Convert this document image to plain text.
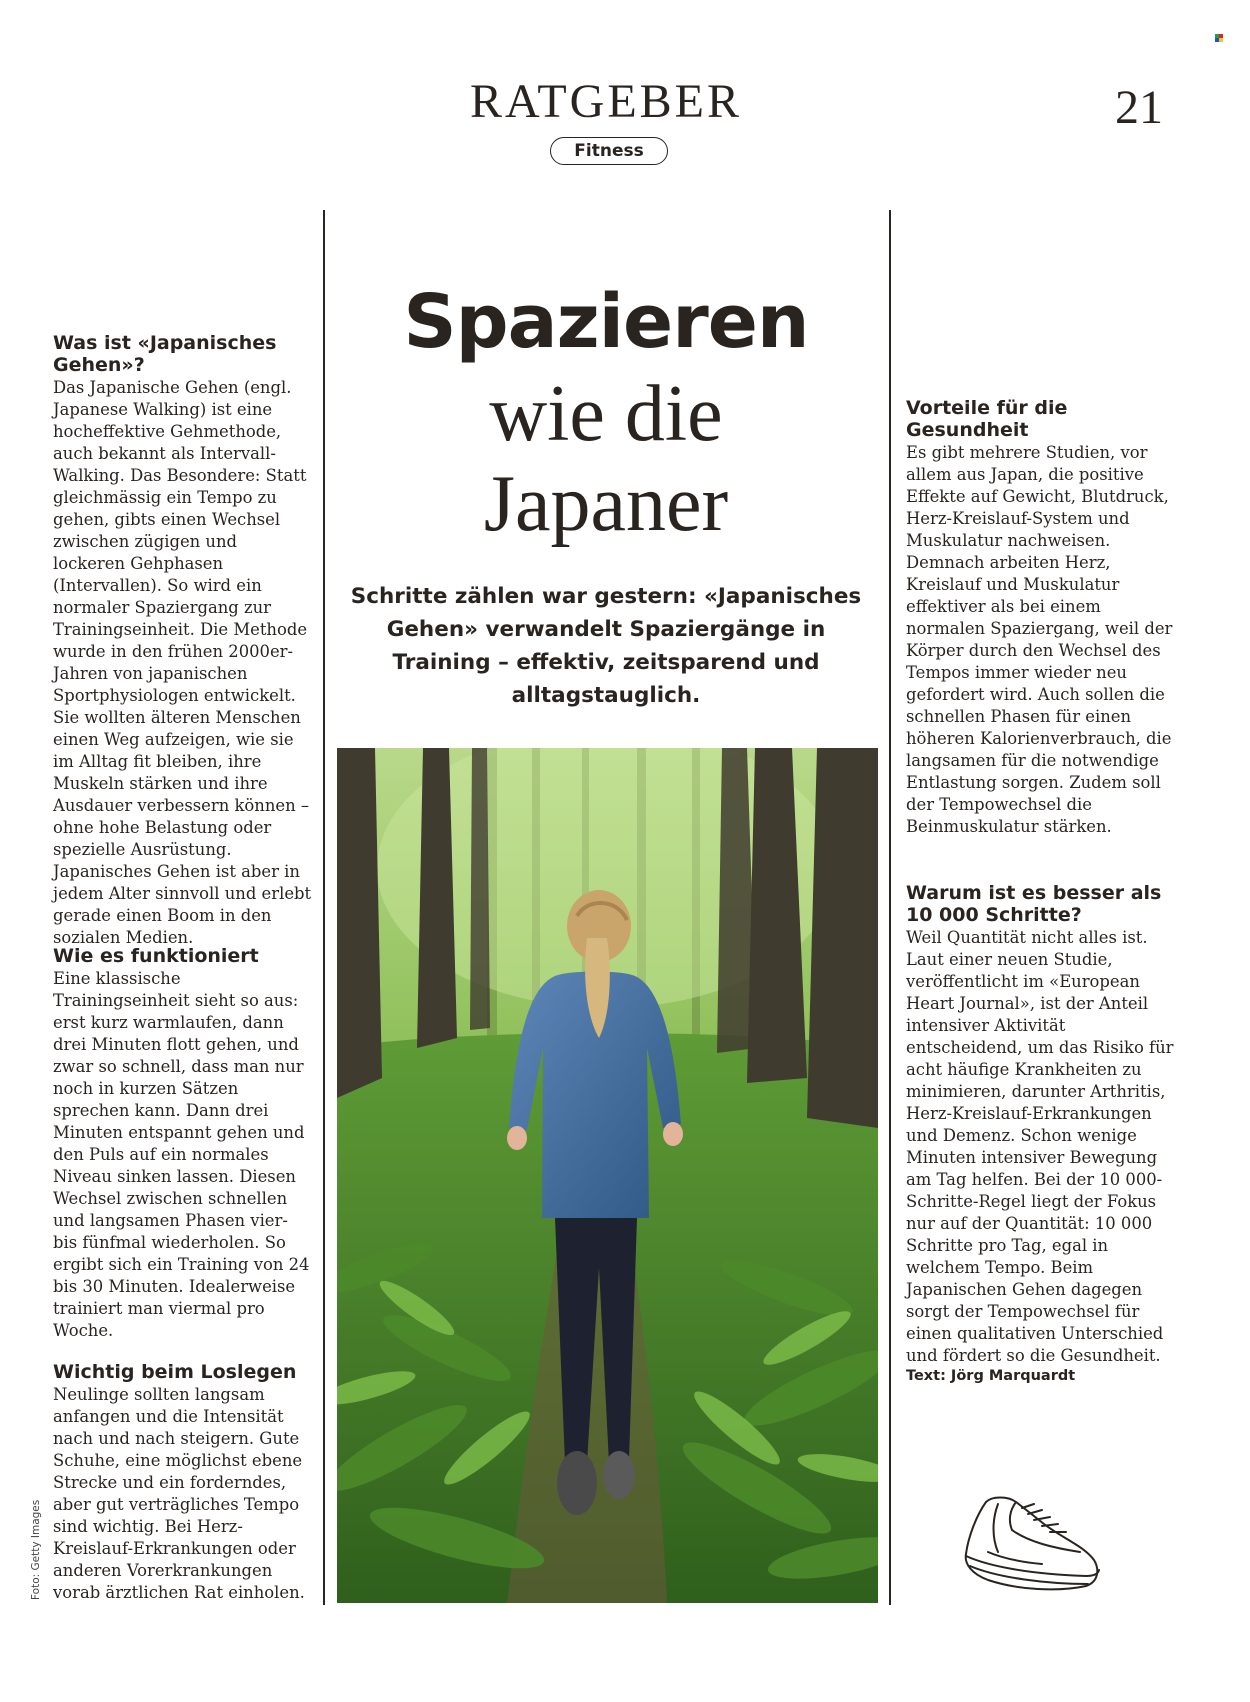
RATGEBER
Fitness
21
Was ist «Japanisches Gehen»?

Das Japanische Gehen (engl. Japanese Walking) ist eine hocheffektive Gehmethode, auch bekannt als Intervall-Walking. Das Besondere: Statt gleichmässig ein Tempo zu gehen, gibts einen Wechsel zwischen zügigen und lockeren Gehphasen (Intervallen). So wird ein normaler Spaziergang zur Trainingseinheit. Die Methode wurde in den frühen 2000er-Jahren von japanischen Sportphysiologen entwickelt. Sie wollten älteren Menschen einen Weg aufzeigen, wie sie im Alltag fit bleiben, ihre Muskeln stärken und ihre Ausdauer verbessern können – ohne hohe Belastung oder spezielle Ausrüstung. Japanisches Gehen ist aber in jedem Alter sinnvoll und erlebt gerade einen Boom in den sozialen Medien.

Wie es funktioniert

Eine klassische Trainingseinheit sieht so aus: erst kurz warmlaufen, dann drei Minuten flott gehen, und zwar so schnell, dass man nur noch in kurzen Sätzen sprechen kann. Dann drei Minuten entspannt gehen und den Puls auf ein normales Niveau sinken lassen. Diesen Wechsel zwischen schnellen und langsamen Phasen vier- bis fünfmal wiederholen. So ergibt sich ein Training von 24 bis 30 Minuten. Idealerweise trainiert man viermal pro Woche.

Wichtig beim Loslegen

Neulinge sollten langsam anfangen und die Intensität nach und nach steigern. Gute Schuhe, eine möglichst ebene Strecke und ein forderndes, aber gut verträgliches Tempo sind wichtig. Bei Herz-Kreislauf-Erkrankungen oder anderen Vorerkrankungen vorab ärztlichen Rat einholen.

Spazieren
wie die
Japaner

Schritte zählen war gestern: «Japanisches Gehen» verwandelt Spaziergänge in Training – effektiv, zeitsparend und alltagstauglich.

Vorteile für die Gesundheit

Es gibt mehrere Studien, vor allem aus Japan, die positive Effekte auf Gewicht, Blutdruck, Herz-Kreislauf-System und Muskulatur nachweisen. Demnach arbeiten Herz, Kreislauf und Muskulatur effektiver als bei einem normalen Spaziergang, weil der Körper durch den Wechsel des Tempos immer wieder neu gefordert wird. Auch sollen die schnellen Phasen für einen höheren Kalorienverbrauch, die langsamen für die notwendige Entlastung sorgen. Zudem soll der Tempowechsel die Beinmuskulatur stärken.

Warum ist es besser als 10 000 Schritte?

Weil Quantität nicht alles ist. Laut einer neuen Studie, veröffentlicht im «European Heart Journal», ist der Anteil intensiver Aktivität entscheidend, um das Risiko für acht häufige Krankheiten zu minimieren, darunter Arthritis, Herz-Kreislauf-Erkrankungen und Demenz. Schon wenige Minuten intensiver Bewegung am Tag helfen. Bei der 10 000-Schritte-Regel liegt der Fokus nur auf der Quantität: 10 000 Schritte pro Tag, egal in welchem Tempo. Beim Japanischen Gehen dagegen sorgt der Tempowechsel für einen qualitativen Unterschied und fördert so die Gesundheit.

Text: Jörg Marquardt
Foto: Getty Images
